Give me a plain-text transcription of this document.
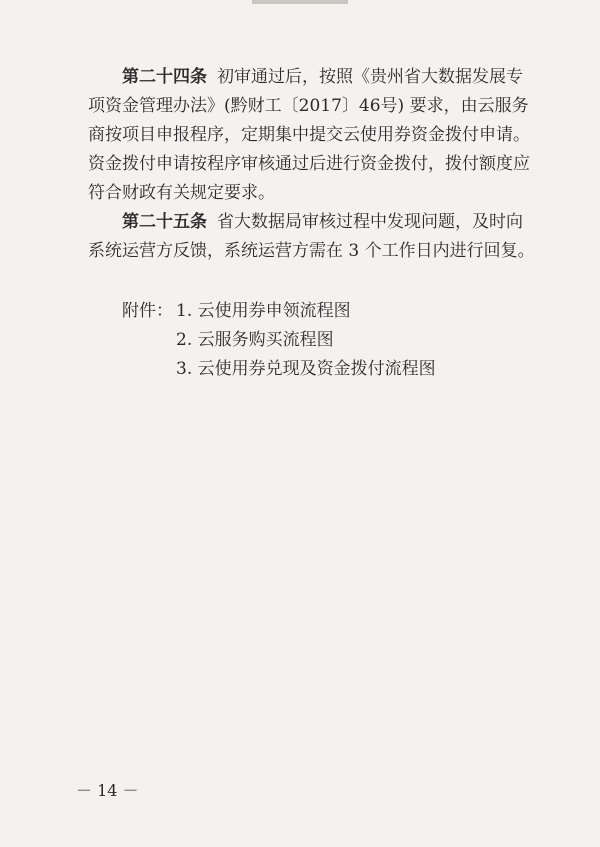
第二十四条 初审通过后，按照《贵州省大数据发展专
项资金管理办法》(黔财工〔2017〕46号) 要求，由云服务
商按项目申报程序，定期集中提交云使用券资金拨付申请。
资金拨付申请按程序审核通过后进行资金拨付，拨付额度应
符合财政有关规定要求。
第二十五条 省大数据局审核过程中发现问题，及时向
系统运营方反馈，系统运营方需在 3 个工作日内进行回复。
附件： 1. 云使用券申领流程图
2. 云服务购买流程图
3. 云使用券兑现及资金拨付流程图
－ 14 －
